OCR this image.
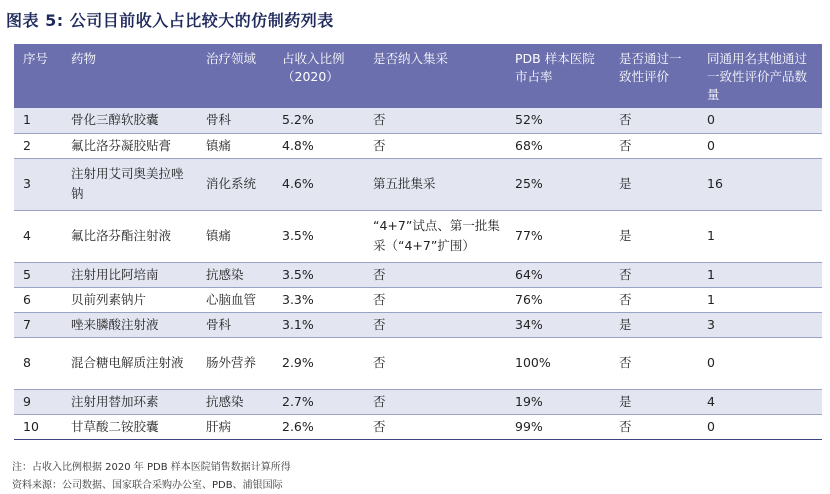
图表 5: 公司目前收入占比较大的仿制药列表
序号	药物	治疗领域	占收入比例（2020）	是否纳入集采	PDB 样本医院市占率	是否通过一致性评价	同通用名其他通过一致性评价产品数量
1	骨化三醇软胶囊	骨科	5.2%	否	52%	否	0
2	氟比洛芬凝胶贴膏	镇痛	4.8%	否	68%	否	0
3	注射用艾司奥美拉唑钠	消化系统	4.6%	第五批集采	25%	是	16
4	氟比洛芬酯注射液	镇痛	3.5%	“4+7”试点、第一批集采（“4+7”扩围）	77%	是	1
5	注射用比阿培南	抗感染	3.5%	否	64%	否	1
6	贝前列素钠片	心脑血管	3.3%	否	76%	否	1
7	唑来膦酸注射液	骨科	3.1%	否	34%	是	3
8	混合糖电解质注射液	肠外营养	2.9%	否	100%	否	0
9	注射用替加环素	抗感染	2.7%	否	19%	是	4
10	甘草酸二铵胶囊	肝病	2.6%	否	99%	否	0
注：占收入比例根据 2020 年 PDB 样本医院销售数据计算所得
资料来源：公司数据、国家联合采购办公室、PDB、浦银国际
